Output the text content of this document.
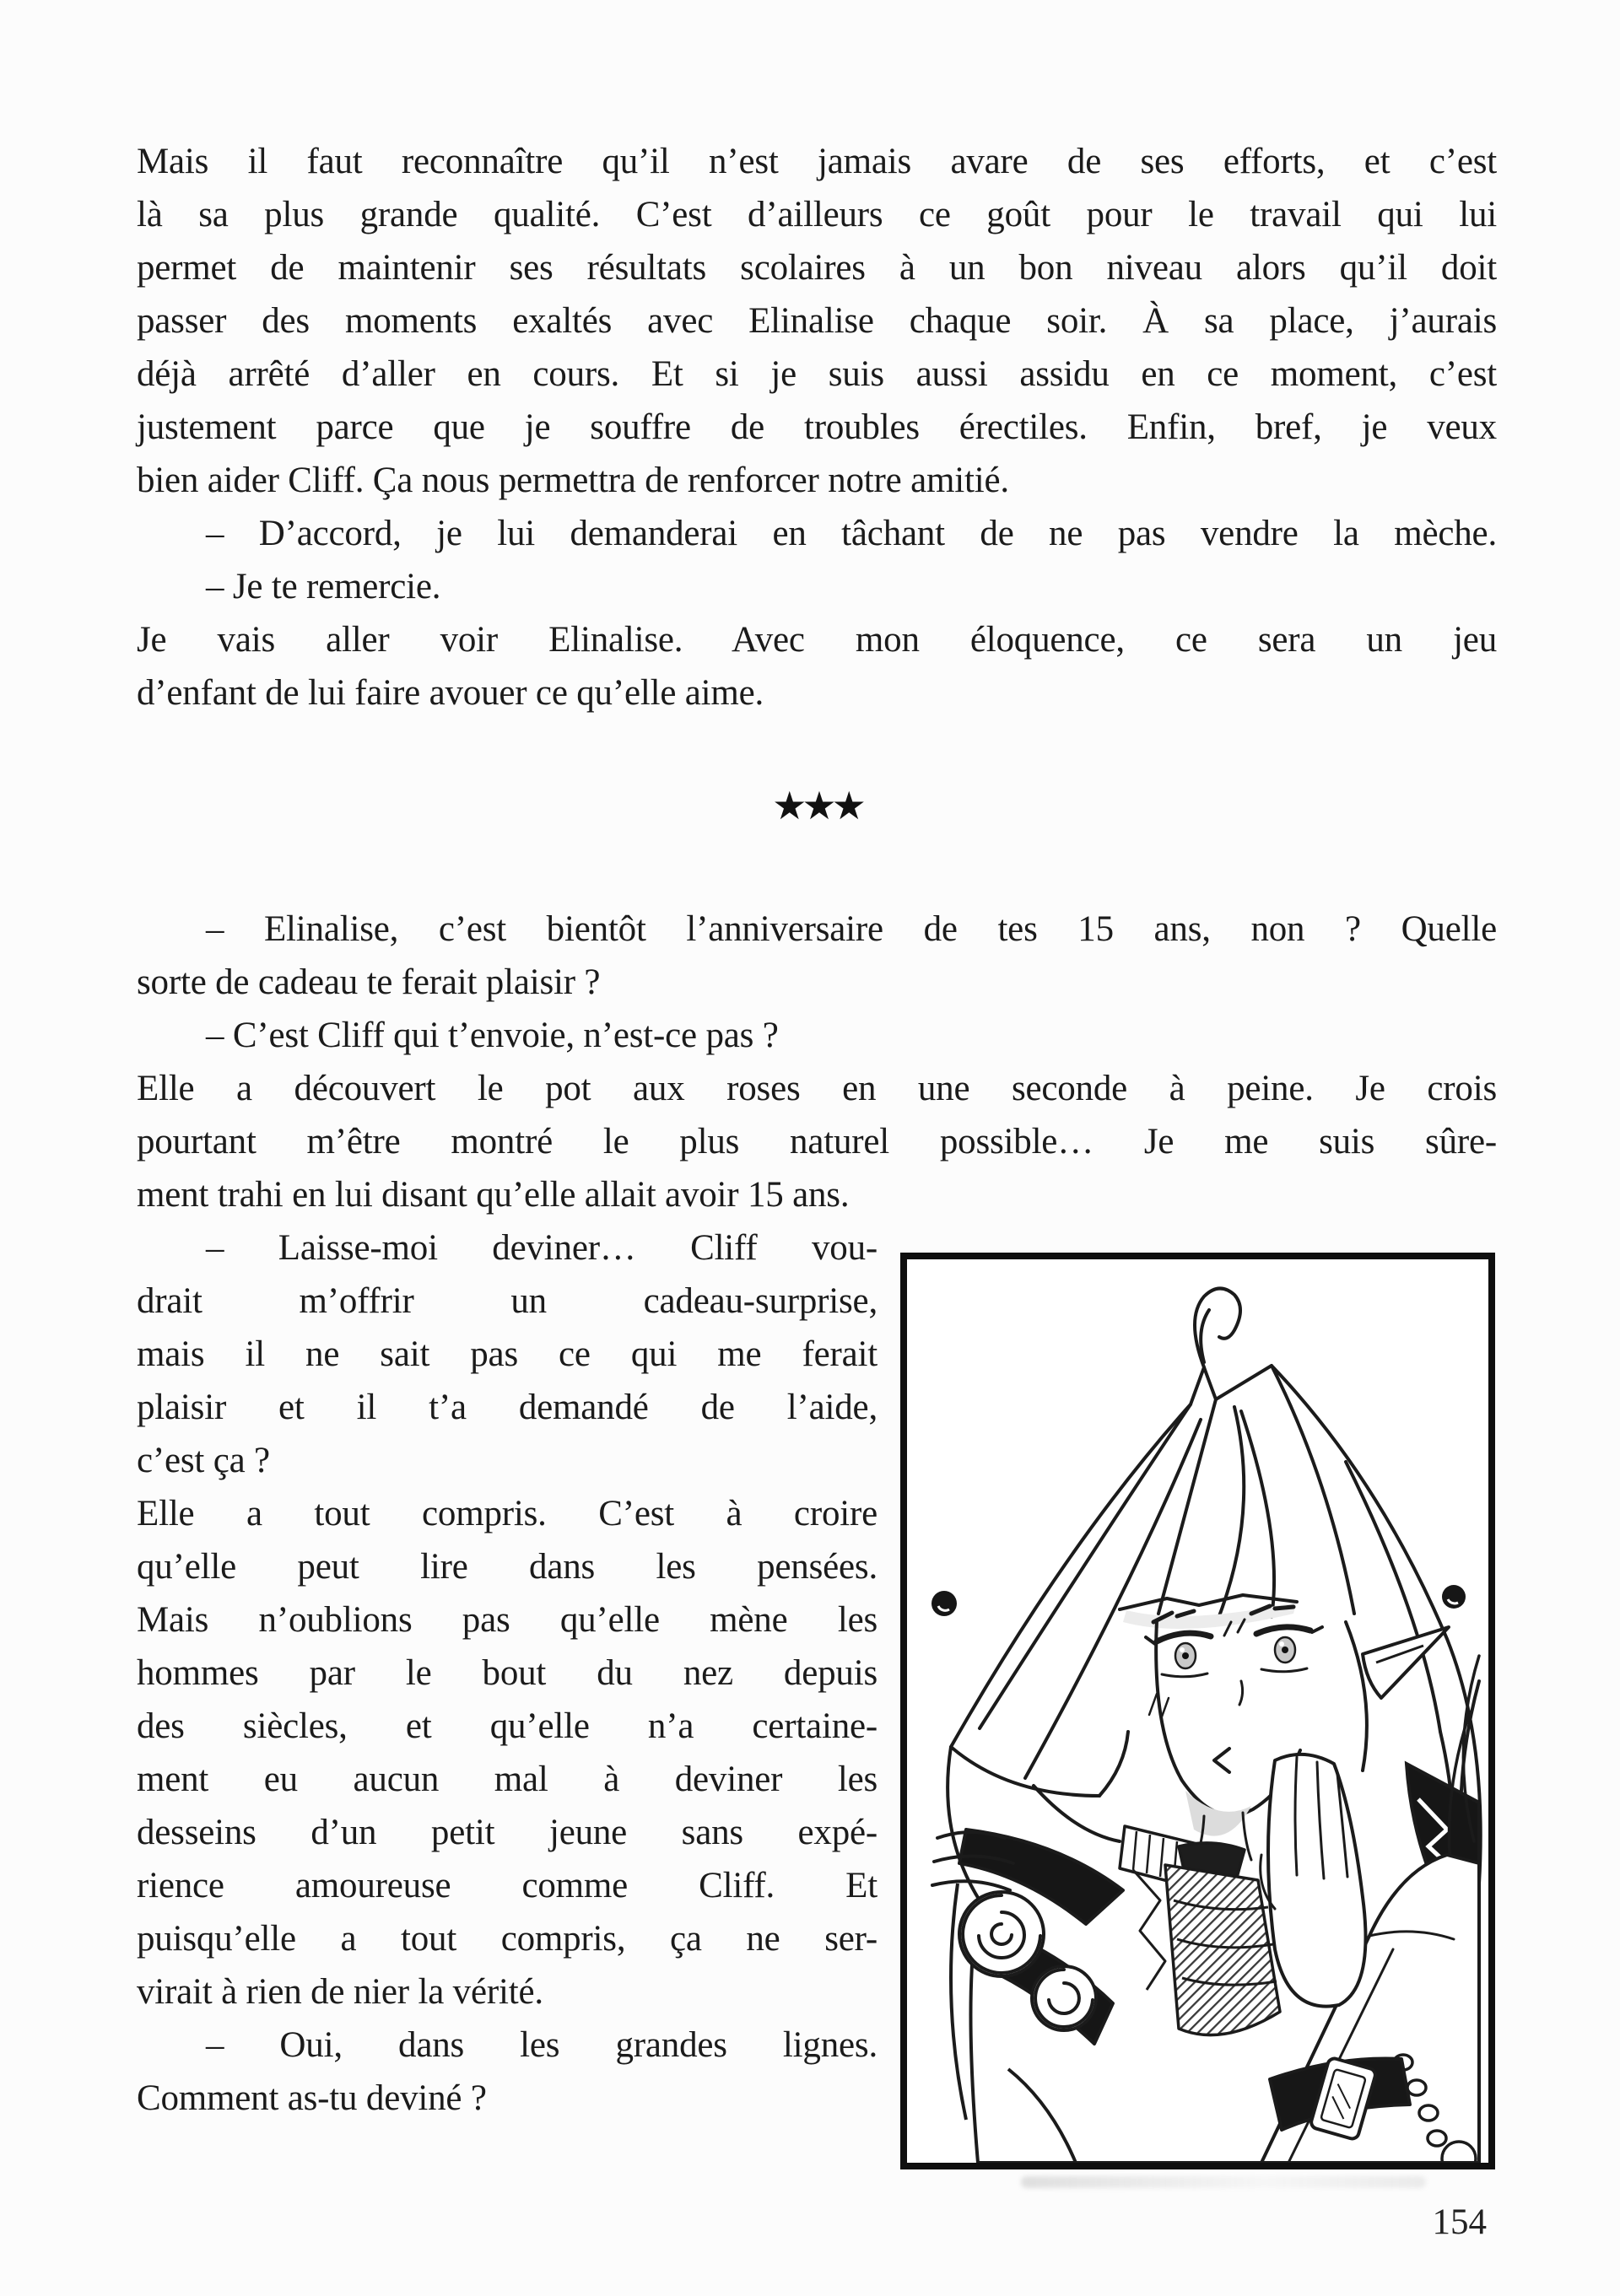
Mais il faut reconnaître qu’il n’est jamais avare de ses efforts, et c’est
là sa plus grande qualité. C’est d’ailleurs ce goût pour le travail qui lui
permet de maintenir ses résultats scolaires à un bon niveau alors qu’il doit
passer des moments exaltés avec Elinalise chaque soir. À sa place, j’aurais
déjà arrêté d’aller en cours. Et si je suis aussi assidu en ce moment, c’est
justement parce que je souffre de troubles érectiles. Enfin, bref, je veux
bien aider Cliff. Ça nous permettra de renforcer notre amitié.
– D’accord, je lui demanderai en tâchant de ne pas vendre la mèche.
– Je te remercie.
Je vais aller voir Elinalise. Avec mon éloquence, ce sera un jeu
d’enfant de lui faire avouer ce qu’elle aime.
★★★
– Elinalise, c’est bientôt l’anniversaire de tes 15 ans, non ? Quelle
sorte de cadeau te ferait plaisir ?
– C’est Cliff qui t’envoie, n’est-ce pas ?
Elle a découvert le pot aux roses en une seconde à peine. Je crois
pourtant m’être montré le plus naturel possible… Je me suis sûre-
ment trahi en lui disant qu’elle allait avoir 15 ans.
– Laisse-moi deviner… Cliff vou-
drait m’offrir un cadeau-surprise,
mais il ne sait pas ce qui me ferait
plaisir et il t’a demandé de l’aide,
c’est ça ?
Elle a tout compris. C’est à croire
qu’elle peut lire dans les pensées.
Mais n’oublions pas qu’elle mène les
hommes par le bout du nez depuis
des siècles, et qu’elle n’a certaine-
ment eu aucun mal à deviner les
desseins d’un petit jeune sans expé-
rience amoureuse comme Cliff. Et
puisqu’elle a tout compris, ça ne ser-
virait à rien de nier la vérité.
– Oui, dans les grandes lignes.
Comment as-tu deviné ?
154
